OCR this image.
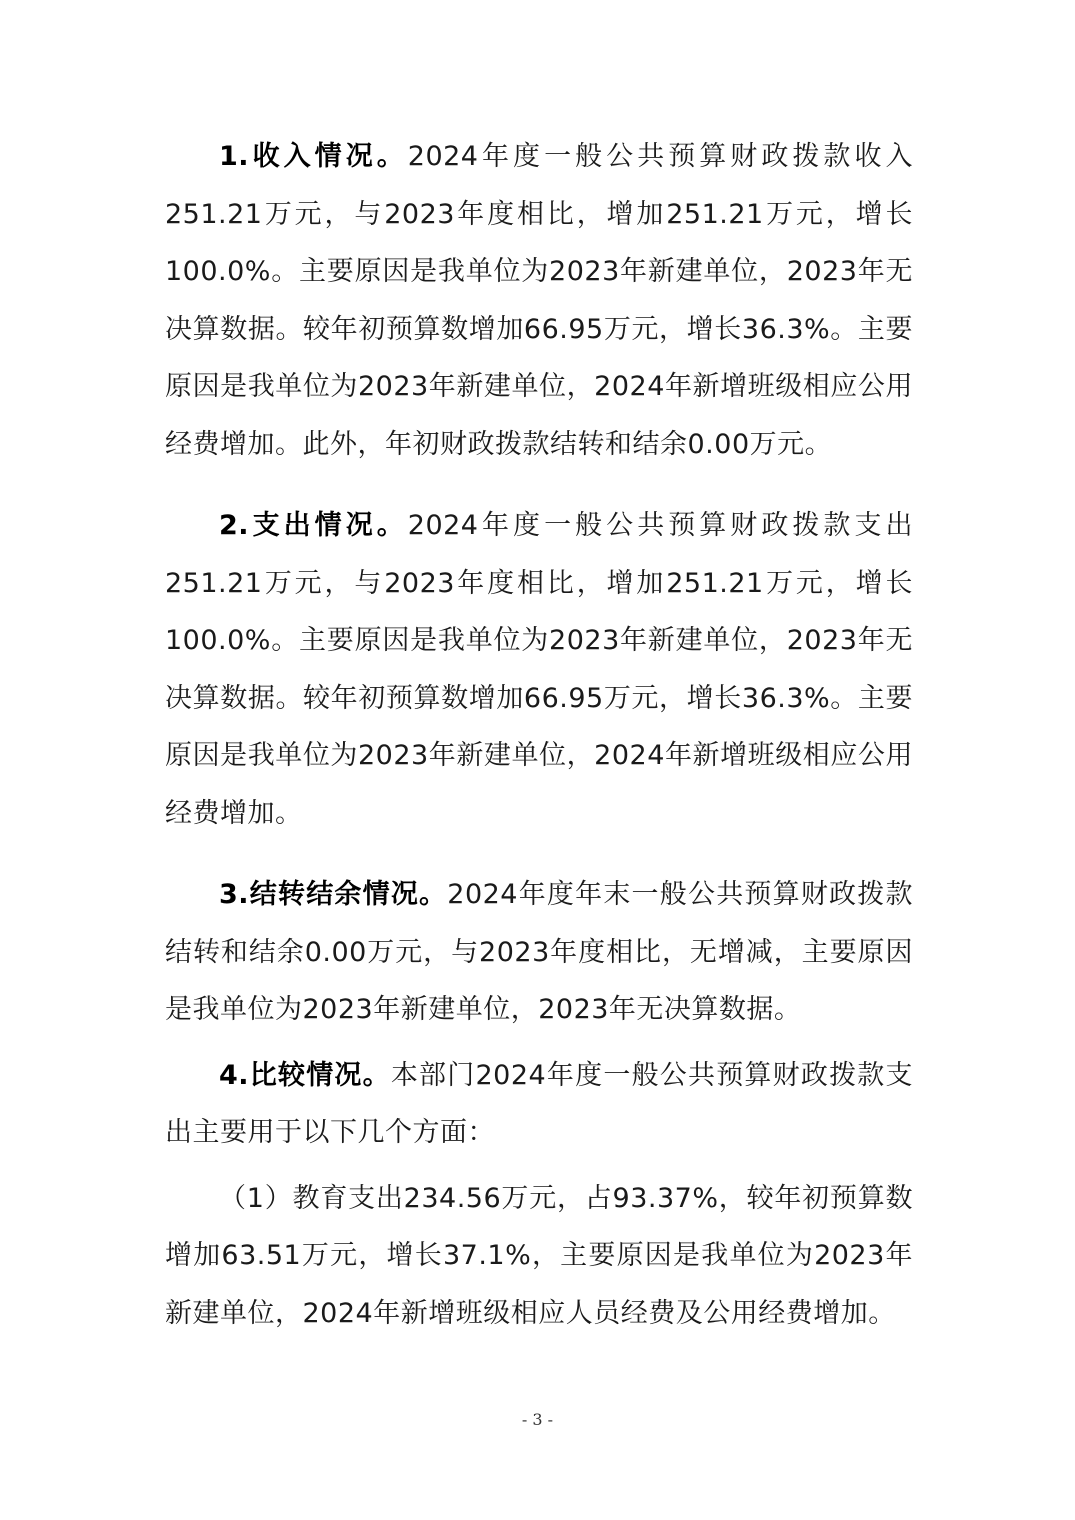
1.收入情况。2024年度一般公共预算财政拨款收入251.21万元，与2023年度相比，增加251.21万元，增长100.0%。主要原因是我单位为2023年新建单位，2023年无决算数据。较年初预算数增加66.95万元，增长36.3%。主要原因是我单位为2023年新建单位，2024年新增班级相应公用经费增加。此外，年初财政拨款结转和结余0.00万元。

2.支出情况。2024年度一般公共预算财政拨款支出251.21万元，与2023年度相比，增加251.21万元，增长100.0%。主要原因是我单位为2023年新建单位，2023年无决算数据。较年初预算数增加66.95万元，增长36.3%。主要原因是我单位为2023年新建单位，2024年新增班级相应公用经费增加。

3.结转结余情况。2024年度年末一般公共预算财政拨款结转和结余0.00万元，与2023年度相比，无增减，主要原因是我单位为2023年新建单位，2023年无决算数据。

4.比较情况。本部门2024年度一般公共预算财政拨款支出主要用于以下几个方面：

（1）教育支出234.56万元，占93.37%，较年初预算数增加63.51万元，增长37.1%，主要原因是我单位为2023年新建单位，2024年新增班级相应人员经费及公用经费增加。

- 3 -
